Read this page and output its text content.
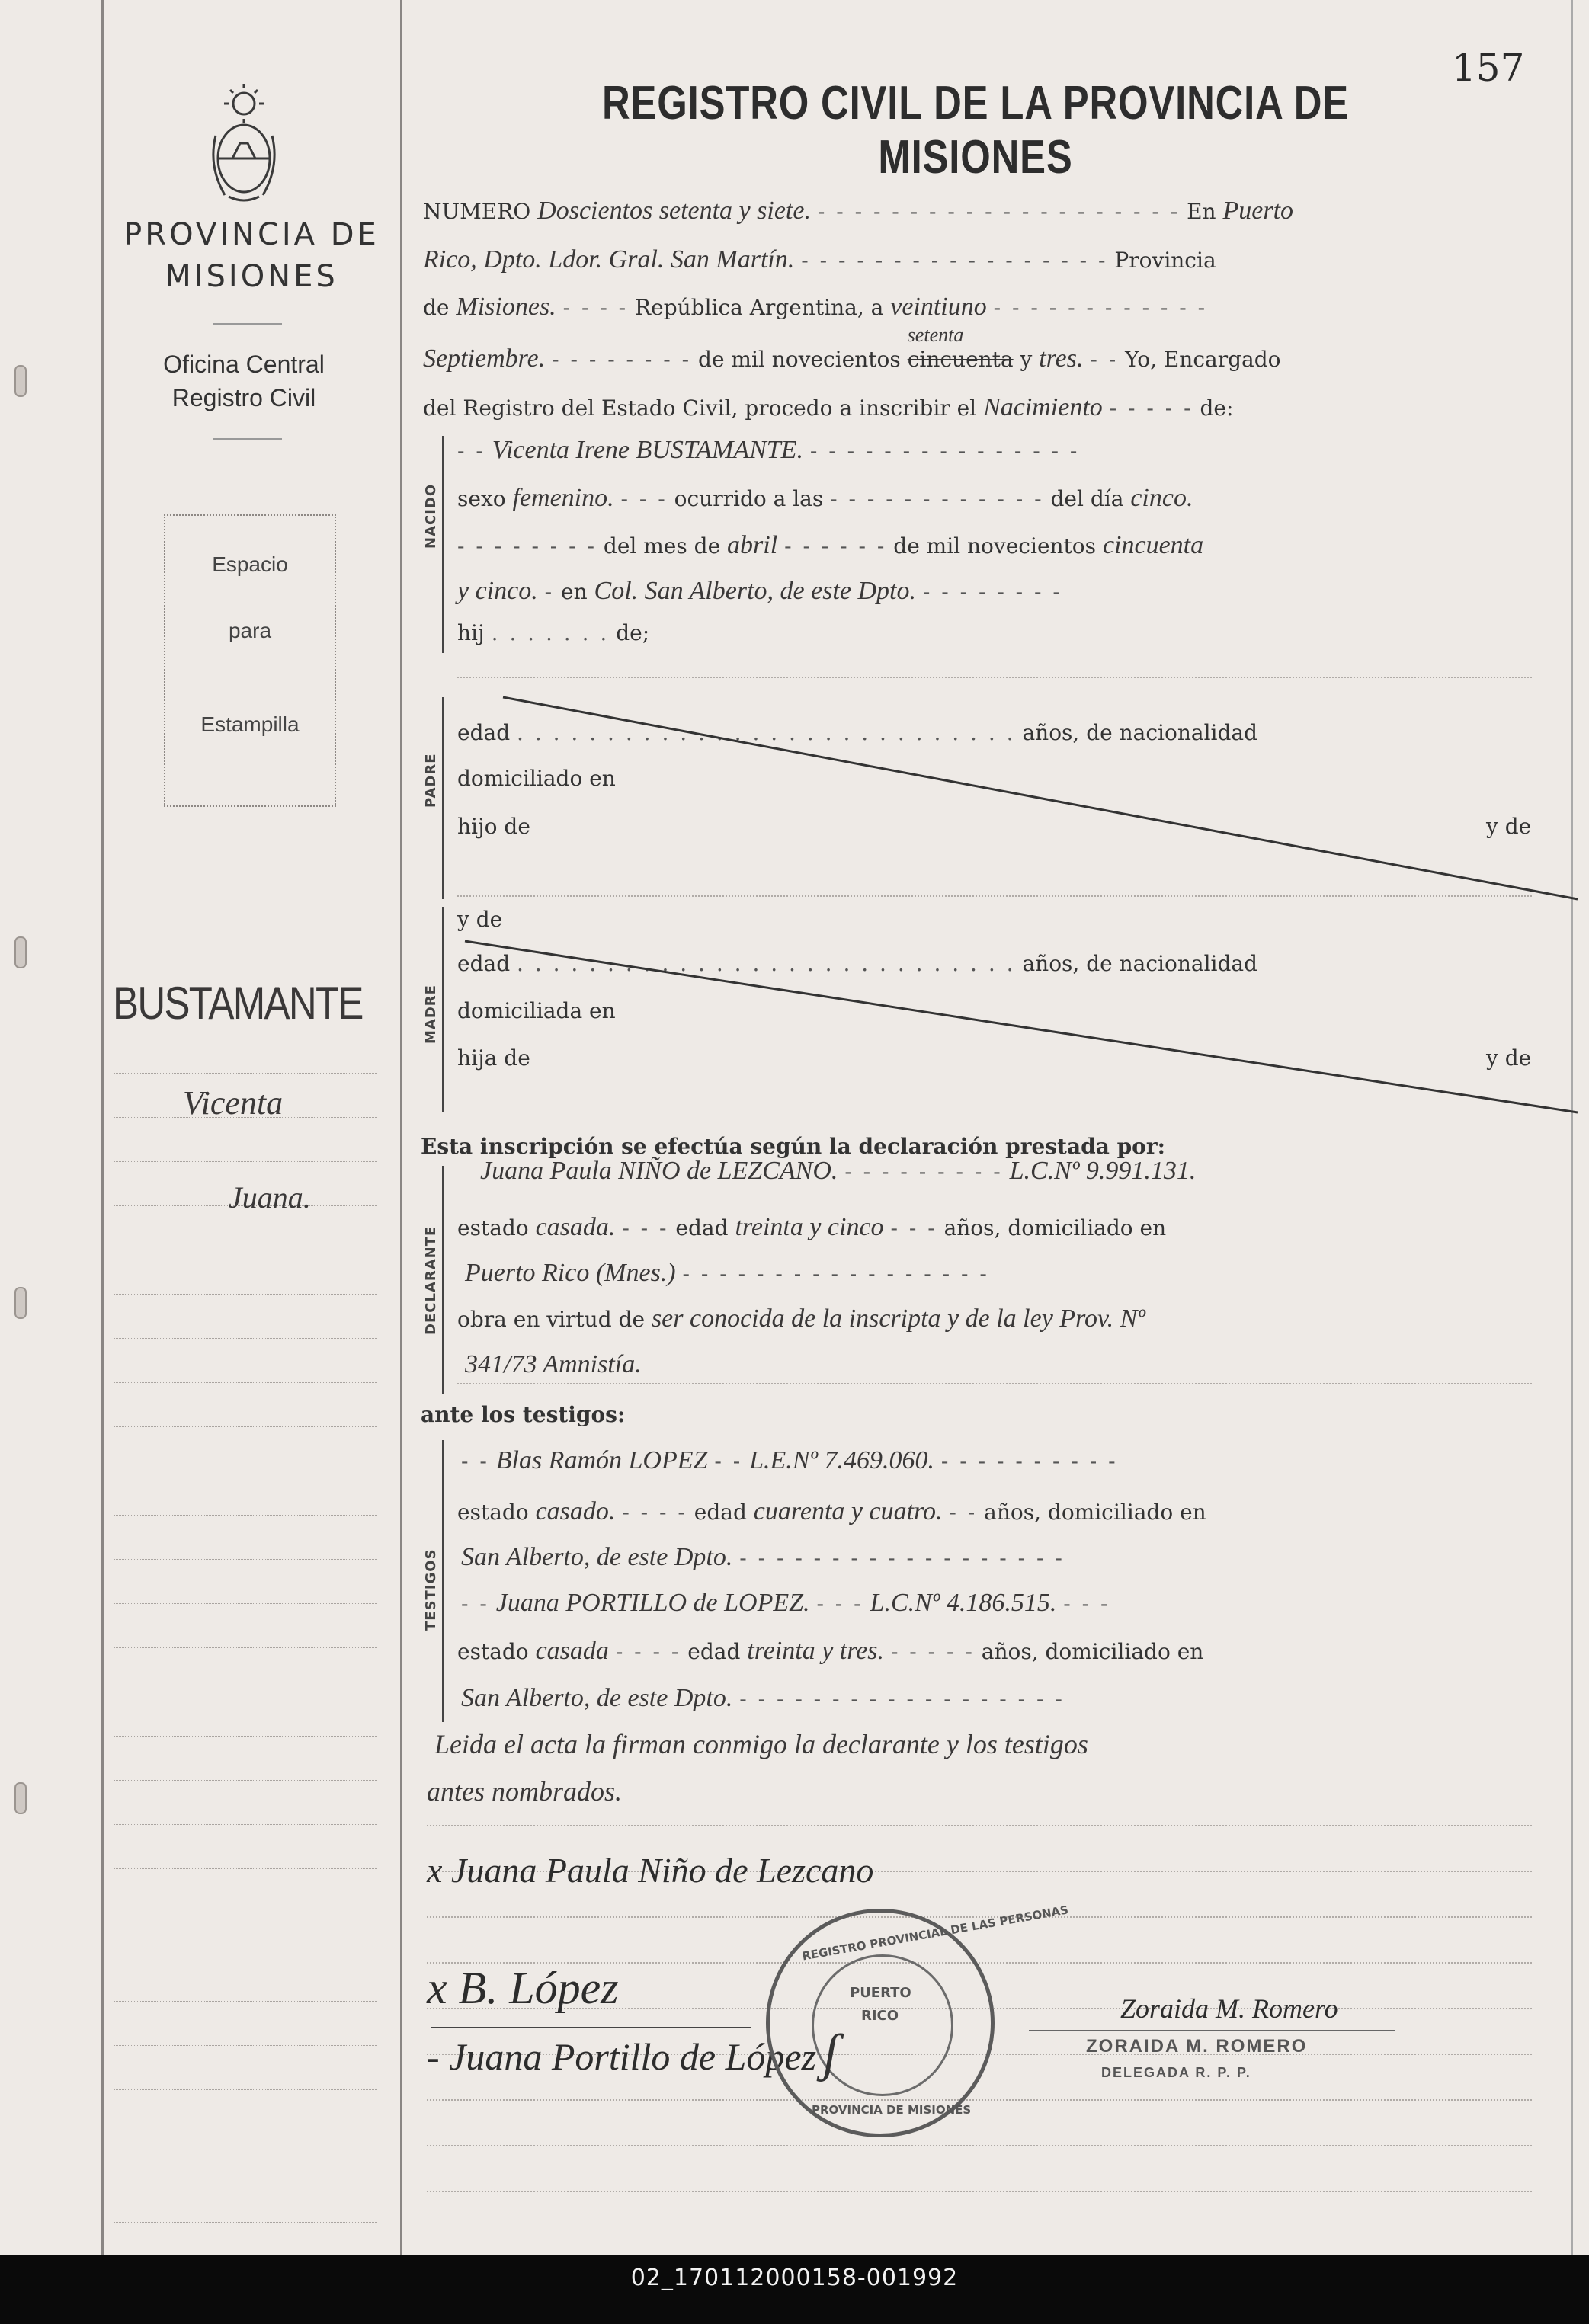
PROVINCIA DE
MISIONES
Oficina Central
Registro Civil
Espacio
para
Estampilla
BUSTAMANTE
Vicenta
Juana.
157
REGISTRO CIVIL DE LA PROVINCIA DE MISIONES
NUMERO Doscientos setenta y siete. - - - - - - - - - - - - - - - - - - - - En Puerto
Rico, Dpto. Ldor. Gral. San Martín. - - - - - - - - - - - - - - - - - Provincia
de Misiones. - - - - República Argentina, a veintiuno - - - - - - - - - - - -
Septiembre. - - - - - - - - de mil novecientos
setenta
cincuenta y tres. - - Yo, Encargado
del Registro del Estado Civil, procedo a inscribir el Nacimiento - - - - - de:
NACIDO
- - Vicenta Irene BUSTAMANTE. - - - - - - - - - - - - - - -
sexo femenino. - - - ocurrido a las - - - - - - - - - - - - del día cinco.
- - - - - - - - del mes de abril - - - - - - de mil novecientos cincuenta
y cinco. - en Col. San Alberto, de este Dpto. - - - - - - - -
hij . . . . . . . de;
PADRE
edad . . . . . . . . . . . . . . . . . . . . . . . . . . . . años, de nacionalidad
domiciliado en
hijo de	y de
MADRE
y de
edad . . . . . . . . . . . . . . . . . . . . . . . . . . . . años, de nacionalidad
domiciliada en
hija de	y de
Esta inscripción se efectúa según la declaración prestada por:
DECLARANTE
Juana Paula NIÑO de LEZCANO. - - - - - - - - - L.C.Nº 9.991.131.
estado casada. - - - edad treinta y cinco - - - años, domiciliado en
Puerto Rico (Mnes.) - - - - - - - - - - - - - - - - -
obra en virtud de ser conocida de la inscripta y de la ley Prov. Nº
341/73 Amnistía.
ante los testigos:
TESTIGOS
- - Blas Ramón LOPEZ - - L.E.Nº 7.469.060. - - - - - - - - - -
estado casado. - - - - edad cuarenta y cuatro. - - años, domiciliado en
San Alberto, de este Dpto. - - - - - - - - - - - - - - - - - -
- - Juana PORTILLO de LOPEZ. - - - L.C.Nº 4.186.515. - - -
estado casada - - - - edad treinta y tres. - - - - - años, domiciliado en
San Alberto, de este Dpto. - - - - - - - - - - - - - - - - - -
Leida el acta la firman conmigo la declarante y los testigos
antes nombrados.
x Juana Paula Niño de Lezcano
x B. López
- Juana Portillo de López
REGISTRO PROVINCIAL DE LAS PERSONAS
PUERTO
RICO
PROVINCIA DE MISIONES
ʃ
Zoraida M. Romero
ZORAIDA M. ROMERO
DELEGADA R. P. P.
02_170112000158-001992
